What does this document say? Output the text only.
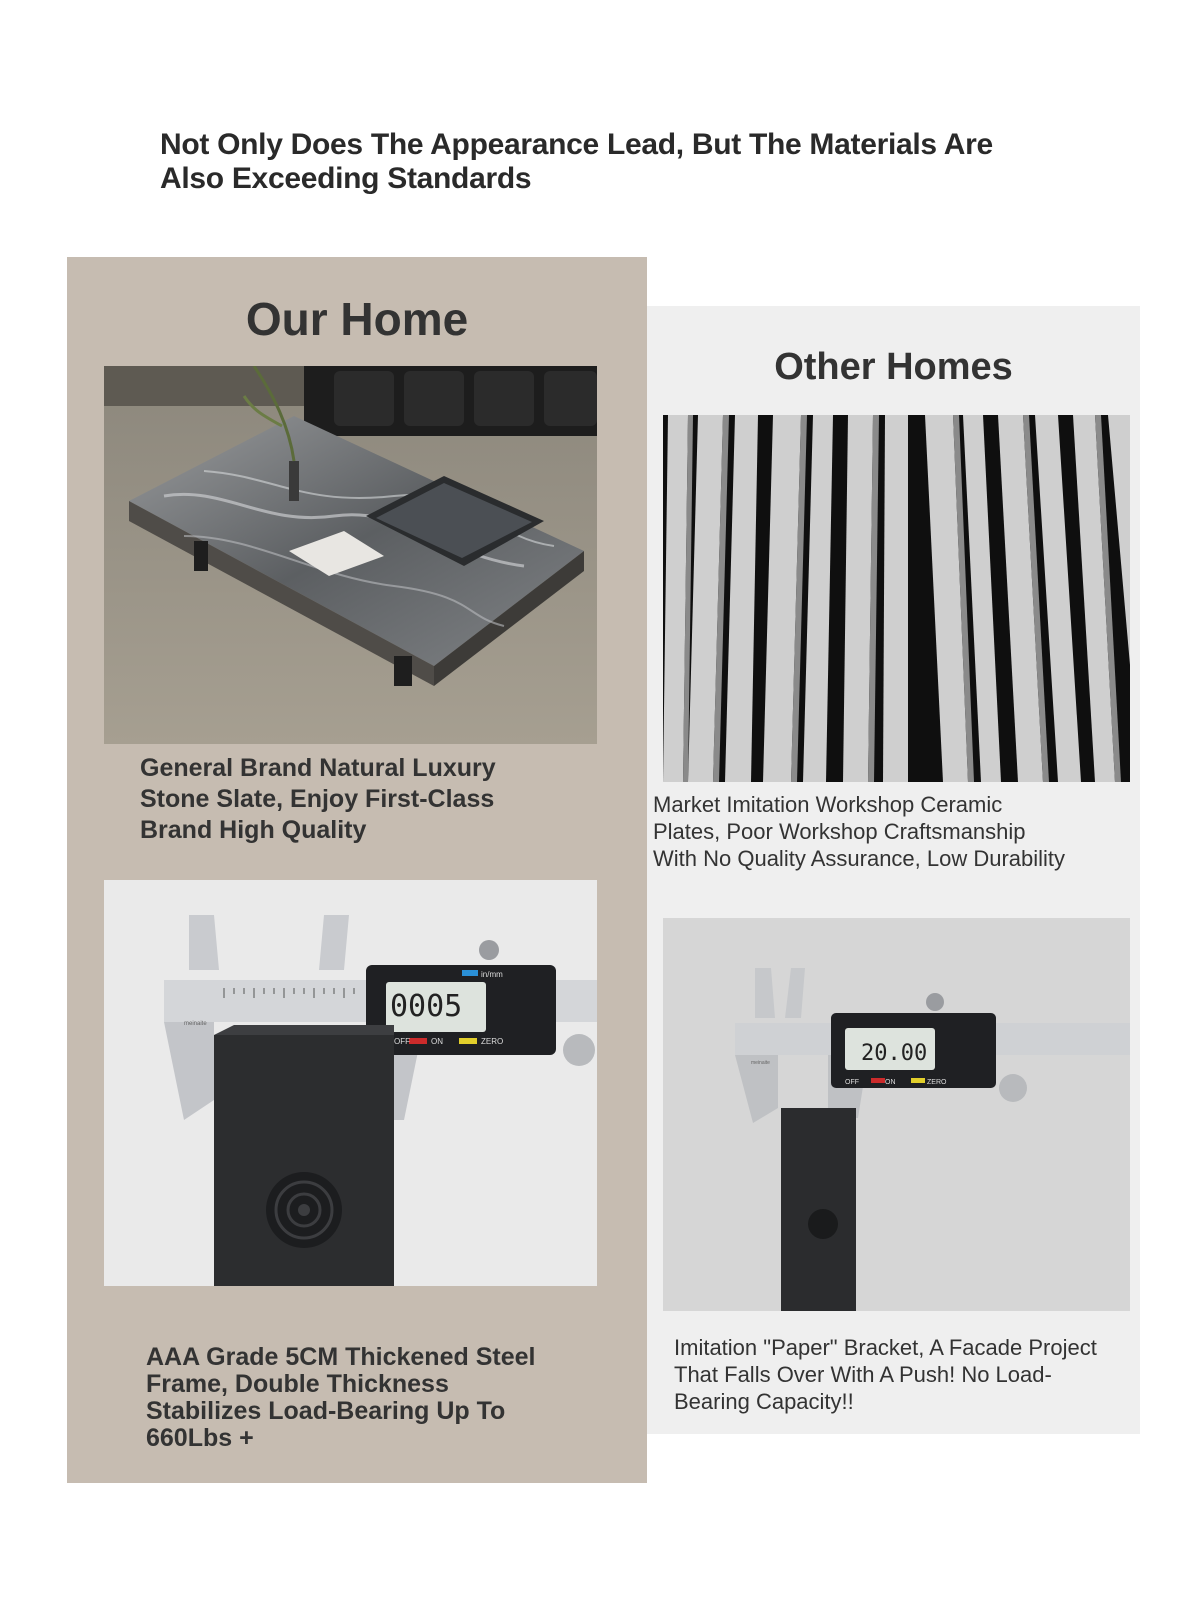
Not Only Does The Appearance Lead, But The Materials Are Also Exceeding Standards
Our Home
General Brand Natural Luxury Stone Slate, Enjoy First-Class Brand High Quality
0005
in/mm
OFF	ON	ZERO
meinaite
AAA Grade 5CM Thickened Steel Frame, Double Thickness Stabilizes Load-Bearing Up To 660Lbs +
Other Homes
Market Imitation Workshop Ceramic Plates, Poor Workshop Craftsmanship With No Quality Assurance, Low Durability
20.00
OFF	ON	ZERO
meinaite
Imitation "Paper" Bracket, A Facade Project That Falls Over With A Push! No Load-Bearing Capacity!!
